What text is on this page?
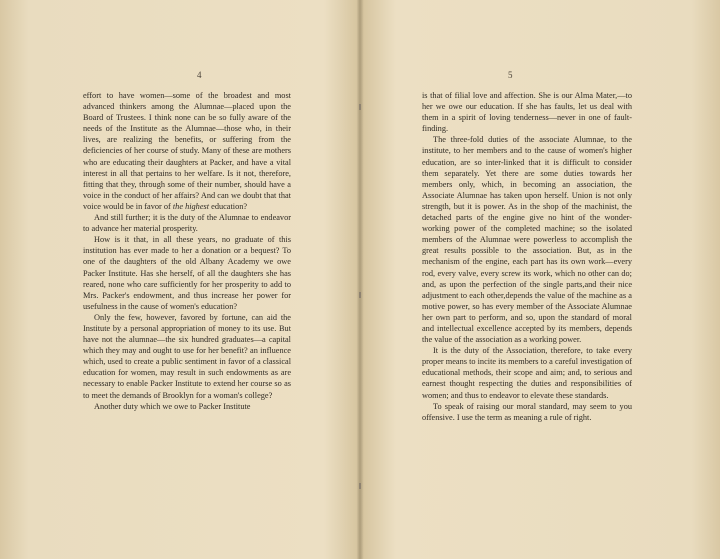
4

effort to have women—some of the broadest and most advanced thinkers among the Alumnae—placed upon the Board of Trustees. I think none can be so fully aware of the needs of the Institute as the Alumnae—those who, in their lives, are realizing the benefits, or suffering from the deficiencies of her course of study. Many of these are mothers who are educating their daughters at Packer, and have a vital interest in all that pertains to her welfare. Is it not, therefore, fitting that they, through some of their number, should have a voice in the conduct of her affairs? And can we doubt that that voice would be in favor of the highest education?

And still further; it is the duty of the Alumnae to endeavor to advance her material prosperity.

How is it that, in all these years, no graduate of this institution has ever made to her a donation or a bequest? To one of the daughters of the old Albany Academy we owe Packer Institute. Has she herself, of all the daughters she has reared, none who care sufficiently for her prosperity to add to Mrs. Packer's endowment, and thus increase her power for usefulness in the cause of women's education?

Only the few, however, favored by fortune, can aid the Institute by a personal appropriation of money to its use. But have not the alumnae—the six hundred graduates—a capital which they may and ought to use for her benefit? an influence which, used to create a public sentiment in favor of a classical education for women, may result in such endowments as are necessary to enable Packer Institute to extend her course so as to meet the demands of Brooklyn for a woman's college?

Another duty which we owe to Packer Institute

5

is that of filial love and affection. She is our Alma Mater,—to her we owe our education. If she has faults, let us deal with them in a spirit of loving tenderness—never in one of fault-finding.

The three-fold duties of the associate Alumnae, to the institute, to her members and to the cause of women's higher education, are so inter-linked that it is difficult to consider them separately. Yet there are some duties towards her members only, which, in becoming an association, the Associate Alumnae has taken upon herself. Union is not only strength, but it is power. As in the shop of the machinist, the detached parts of the engine give no hint of the wonder-working power of the completed machine; so the isolated members of the Alumnae were powerless to accomplish the great results possible to the association. But, as in the mechanism of the engine, each part has its own work—every rod, every valve, every screw its work, which no other can do; and, as upon the perfection of the single parts,and their nice adjustment to each other,depends the value of the machine as a motive power, so has every member of the Associate Alumnae her own part to perform, and so, upon the standard of moral and intellectual excellence accepted by its members, depends the value of the association as a working power.

It is the duty of the Association, therefore, to take every proper means to incite its members to a careful investigation of educational methods, their scope and aim; and, to serious and earnest thought respecting the duties and responsibilities of women; and thus to endeavor to elevate these standards.

To speak of raising our moral standard, may seem to you offensive. I use the term as meaning a rule of right.
